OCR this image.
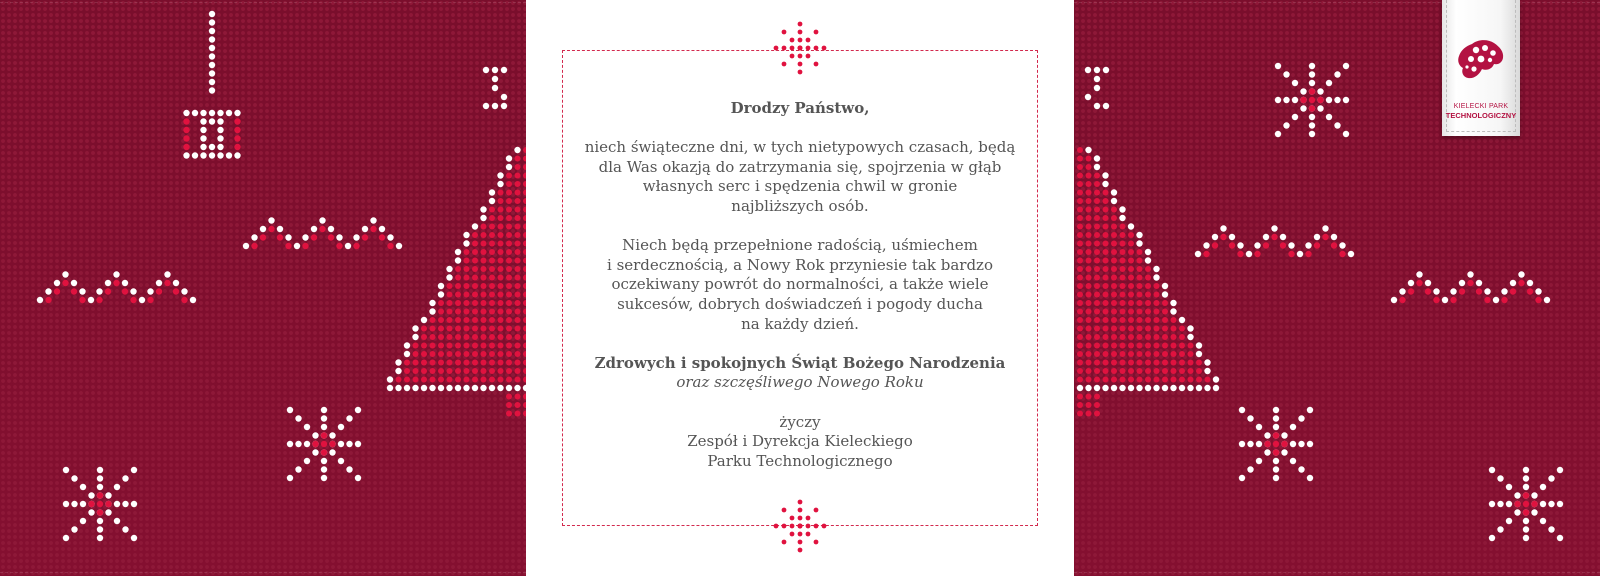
Drodzy Państwo,

niech świąteczne dni, w tych nietypowych czasach, będą
dla Was okazją do zatrzymania się, spojrzenia w głąb
własnych serc i spędzenia chwil w gronie
najbliższych osób.

Niech będą przepełnione radością, uśmiechem
i serdecznością, a Nowy Rok przyniesie tak bardzo
oczekiwany powrót do normalności, a także wiele
sukcesów, dobrych doświadczeń i pogody ducha
na każdy dzień.

Zdrowych i spokojnych Świąt Bożego Narodzenia

oraz szczęśliwego Nowego Roku

życzy
Zespół i Dyrekcja Kieleckiego
Parku Technologicznego

KIELECKI PARK
TECHNOLOGICZNY
